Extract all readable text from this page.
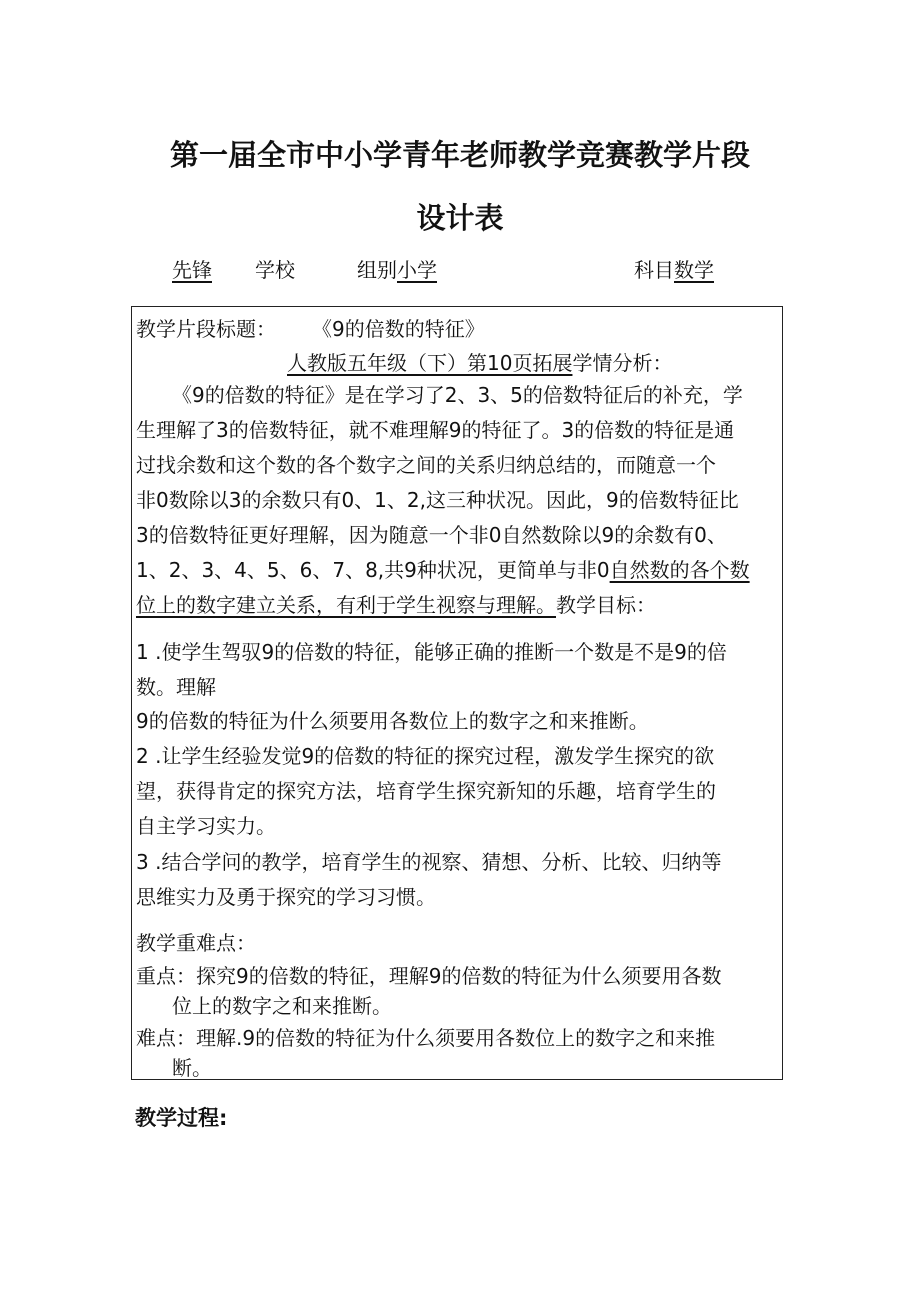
第一届全市中小学青年老师教学竞赛教学片段
设计表
先锋 学校	组别小学	科目数学
教学片段标题： 《9的倍数的特征》
人教版五年级（下）第10页拓展学情分析：
《9的倍数的特征》是在学习了2、3、5的倍数特征后的补充，学
生理解了3的倍数特征，就不难理解9的特征了。3的倍数的特征是通
过找余数和这个数的各个数字之间的关系归纳总结的，而随意一个
非0数除以3的余数只有0、1、2,这三种状况。因此，9的倍数特征比
3的倍数特征更好理解，因为随意一个非0自然数除以9的余数有0、
1、2、3、4、5、6、7、8,共9种状况，更简单与非0自然数的各个数
位上的数字建立关系，有利于学生视察与理解。教学目标：
1 .使学生驾驭9的倍数的特征，能够正确的推断一个数是不是9的倍
数。理解
9的倍数的特征为什么须要用各数位上的数字之和来推断。
2 .让学生经验发觉9的倍数的特征的探究过程，激发学生探究的欲
望，获得肯定的探究方法，培育学生探究新知的乐趣，培育学生的
自主学习实力。
3 .结合学问的教学，培育学生的视察、猜想、分析、比较、归纳等
思维实力及勇于探究的学习习惯。
教学重难点：
重点：探究9的倍数的特征，理解9的倍数的特征为什么须要用各数
位上的数字之和来推断。
难点：理解.9的倍数的特征为什么须要用各数位上的数字之和来推
断。
教学过程:
